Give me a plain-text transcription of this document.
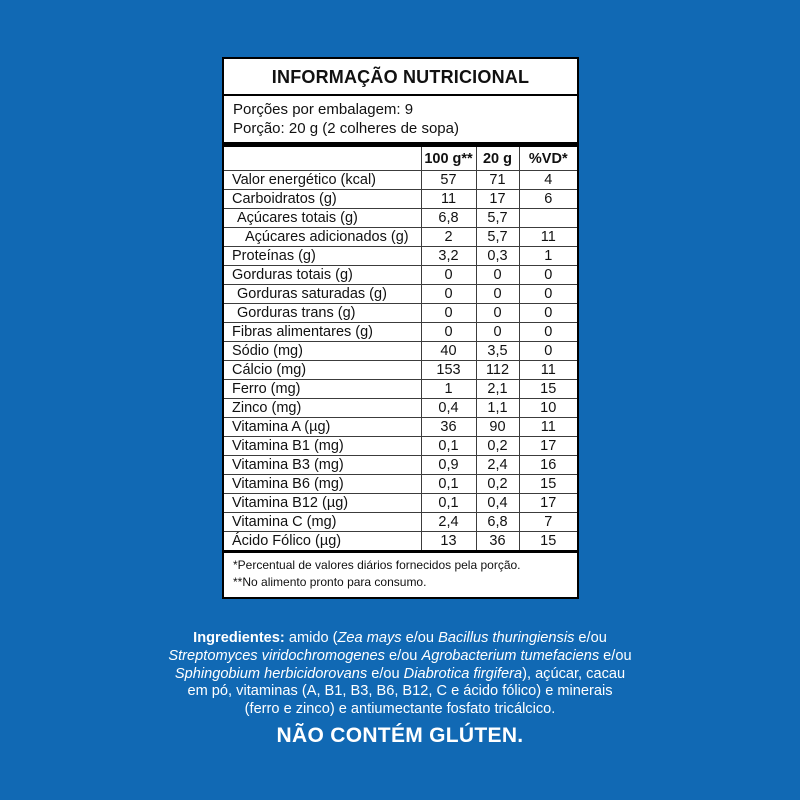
INFORMAÇÃO NUTRICIONAL
Porções por embalagem: 9
Porção: 20 g (2 colheres de sopa)
	100 g**	20 g	%VD*
Valor energético (kcal)	57	71	4
Carboidratos (g)	11	17	6
Açúcares totais (g)	6,8	5,7	
Açúcares adicionados (g)	2	5,7	11
Proteínas (g)	3,2	0,3	1
Gorduras totais (g)	0	0	0
Gorduras saturadas (g)	0	0	0
Gorduras trans (g)	0	0	0
Fibras alimentares (g)	0	0	0
Sódio (mg)	40	3,5	0
Cálcio (mg)	153	112	11
Ferro (mg)	1	2,1	15
Zinco (mg)	0,4	1,1	10
Vitamina A (µg)	36	90	11
Vitamina B1 (mg)	0,1	0,2	17
Vitamina B3 (mg)	0,9	2,4	16
Vitamina B6 (mg)	0,1	0,2	15
Vitamina B12 (µg)	0,1	0,4	17
Vitamina C (mg)	2,4	6,8	7
Ácido Fólico (µg)	13	36	15
*Percentual de valores diários fornecidos pela porção.
**No alimento pronto para consumo.
Ingredientes: amido (Zea mays e/ou Bacillus thuringiensis e/ou
Streptomyces viridochromogenes e/ou Agrobacterium tumefaciens e/ou
Sphingobium herbicidorovans e/ou Diabrotica firgifera), açúcar, cacau
em pó, vitaminas (A, B1, B3, B6, B12, C e ácido fólico) e minerais
(ferro e zinco) e antiumectante fosfato tricálcico.
NÃO CONTÉM GLÚTEN.
